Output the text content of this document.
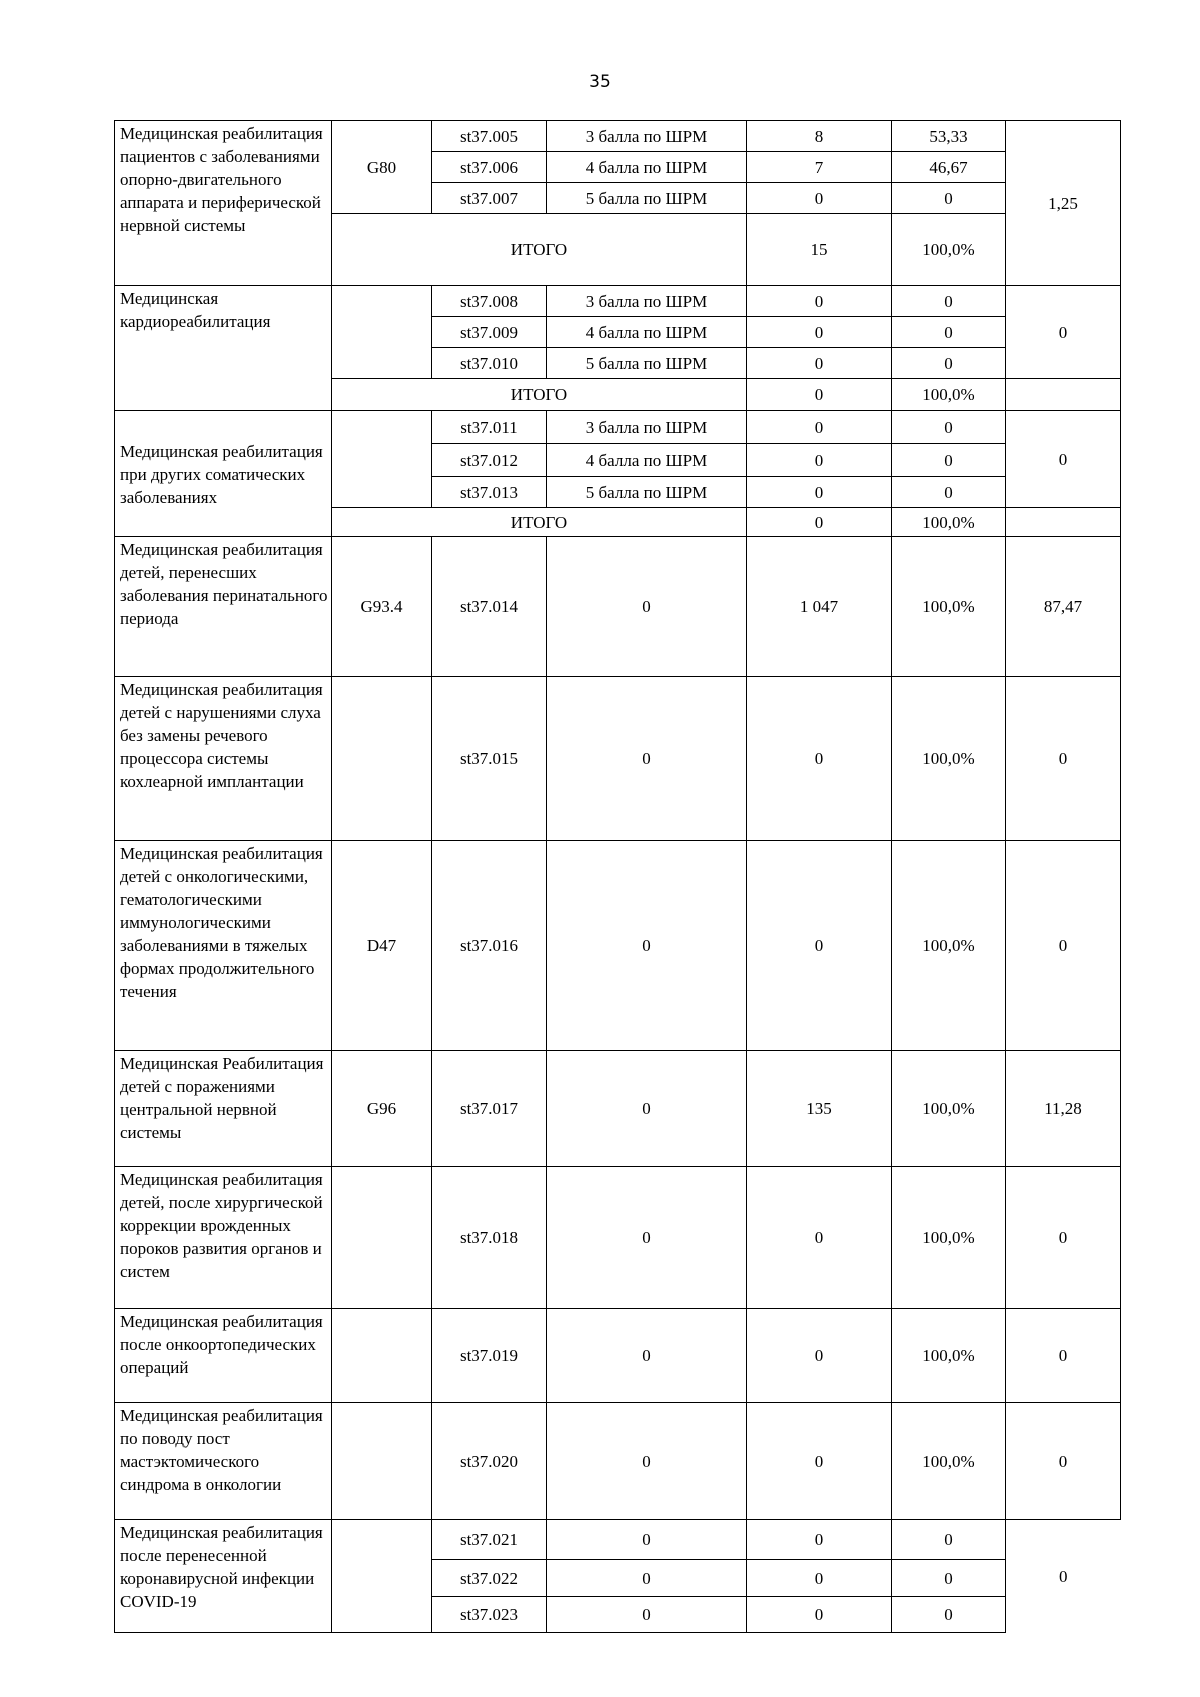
35
Медицинская реабилитация пациентов с заболеваниями опорно-двигательного аппарата и периферической нервной системы	G80	st37.005	3 балла по ШРМ	8	53,33	1,25
		st37.006	4 балла по ШРМ	7	46,67	
		st37.007	5 балла по ШРМ	0	0	
	ИТОГО			15	100,0%	
Медицинская кардиореабилитация		st37.008	3 балла по ШРМ	0	0	0
		st37.009	4 балла по ШРМ	0	0	
		st37.010	5 балла по ШРМ	0	0	
	ИТОГО			0	100,0%	
Медицинская реабилитация при других соматических заболеваниях		st37.011	3 балла по ШРМ	0	0	0
		st37.012	4 балла по ШРМ	0	0	
		st37.013	5 балла по ШРМ	0	0	
	ИТОГО			0	100,0%	
Медицинская реабилитация детей, перенесших заболевания перинатального периода	G93.4	st37.014	0	1 047	100,0%	87,47
Медицинская реабилитация детей с нарушениями слуха без замены речевого процессора системы кохлеарной имплантации		st37.015	0	0	100,0%	0
Медицинская реабилитация детей с онкологическими, гематологическими иммунологическими заболеваниями в тяжелых формах продолжительного течения	D47	st37.016	0	0	100,0%	0
Медицинская Реабилитация детей с поражениями центральной нервной системы	G96	st37.017	0	135	100,0%	11,28
Медицинская реабилитация детей, после хирургической коррекции врожденных пороков развития органов и систем		st37.018	0	0	100,0%	0
Медицинская реабилитация после онкоортопедических операций		st37.019	0	0	100,0%	0
Медицинская реабилитация по поводу пост мастэктомического синдрома в онкологии		st37.020	0	0	100,0%	0
Медицинская реабилитация после перенесенной коронавирусной инфекции COVID-19		st37.021	0	0	0	0
		st37.022	0	0	0	
		st37.023	0	0	0	
